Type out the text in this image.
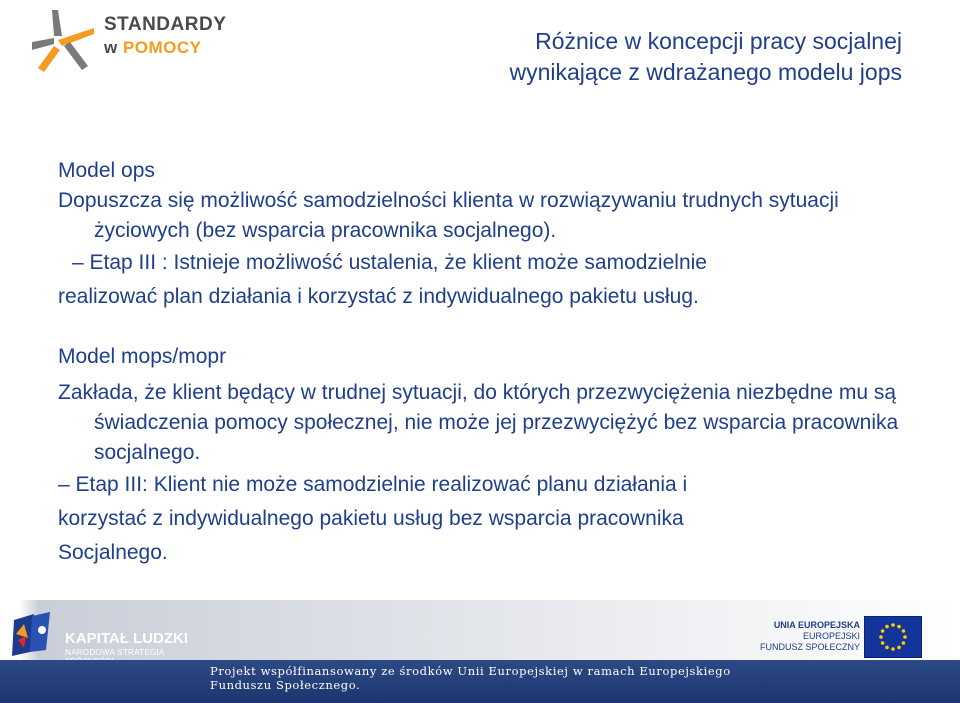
STANDARDY
w POMOCY	Różnice w koncepcji pracy socjalnej
wynikające z wdrażanego modelu jops

Model ops

Dopuszcza się możliwość samodzielności klienta w rozwiązywaniu trudnych sytuacji życiowych (bez wsparcia pracownika socjalnego).

– Etap III : Istnieje możliwość ustalenia, że klient może samodzielnie

realizować plan działania i korzystać z indywidualnego pakietu usług.

Model mops/mopr

Zakłada, że klient będący w trudnej sytuacji, do których przezwyciężenia niezbędne mu są świadczenia pomocy społecznej, nie może jej przezwyciężyć bez wsparcia pracownika socjalnego.

– Etap III: Klient nie może samodzielnie realizować planu działania i

korzystać z indywidualnego pakietu usług bez wsparcia pracownika

Socjalnego.

KAPITAŁ LUDZKI
NARODOWA STRATEGIA
UNIA EUROPEJSKA
EUROPEJSKI
FUNDUSZ SPOŁECZNY
Projekt współfinansowany ze środków Unii Europejskiej w ramach Europejskiego Funduszu Społecznego.
